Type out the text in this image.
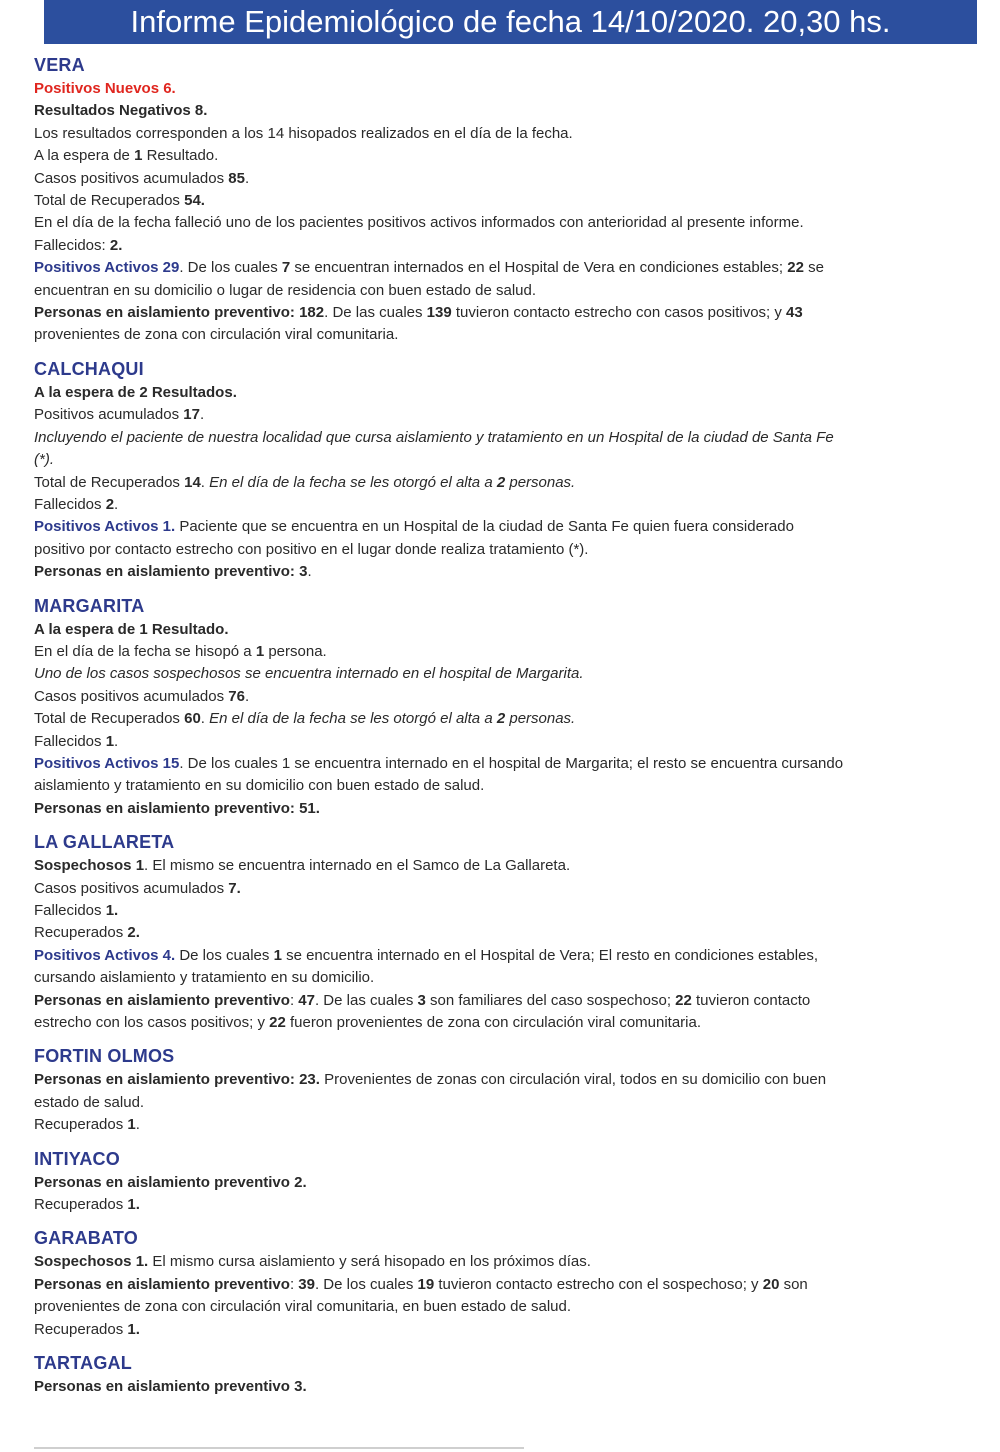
Informe Epidemiológico de fecha 14/10/2020. 20,30 hs.
VERA
Positivos Nuevos 6.
Resultados Negativos 8.
Los resultados corresponden a los 14 hisopados realizados en el día de la fecha.
A la espera de 1 Resultado.
Casos positivos acumulados 85.
Total de Recuperados 54.
En el día de la fecha falleció uno de los pacientes positivos activos informados con anterioridad al presente informe.
Fallecidos: 2.
Positivos Activos 29. De los cuales 7 se encuentran internados en el Hospital de Vera en condiciones estables; 22 se encuentran en su domicilio o lugar de residencia con buen estado de salud.
Personas en aislamiento preventivo: 182. De las cuales 139 tuvieron contacto estrecho con casos positivos; y 43 provenientes de zona con circulación viral comunitaria.
CALCHAQUI
A la espera de 2 Resultados.
Positivos acumulados 17.
Incluyendo el paciente de nuestra localidad que cursa aislamiento y tratamiento en un Hospital de la ciudad de Santa Fe (*).
Total de Recuperados 14. En el día de la fecha se les otorgó el alta a 2 personas.
Fallecidos 2.
Positivos Activos 1. Paciente que se encuentra en un Hospital de la ciudad de Santa Fe quien fuera considerado positivo por contacto estrecho con positivo en el lugar donde realiza tratamiento (*).
Personas en aislamiento preventivo: 3.
MARGARITA
A la espera de 1 Resultado.
En el día de la fecha se hisopó a 1 persona.
Uno de los casos sospechosos se encuentra internado en el hospital de Margarita.
Casos positivos acumulados 76.
Total de Recuperados 60. En el día de la fecha se les otorgó el alta a 2 personas.
Fallecidos 1.
Positivos Activos 15. De los cuales 1 se encuentra internado en el hospital de Margarita; el resto se encuentra cursando aislamiento y tratamiento en su domicilio con buen estado de salud.
Personas en aislamiento preventivo: 51.
LA GALLARETA
Sospechosos 1. El mismo se encuentra internado en el Samco de La Gallareta.
Casos positivos acumulados 7.
Fallecidos 1.
Recuperados 2.
Positivos Activos 4. De los cuales 1 se encuentra internado en el Hospital de Vera; El resto en condiciones estables, cursando aislamiento y tratamiento en su domicilio.
Personas en aislamiento preventivo: 47. De las cuales 3 son familiares del caso sospechoso; 22 tuvieron contacto estrecho con los casos positivos; y 22 fueron provenientes de zona con circulación viral comunitaria.
FORTIN OLMOS
Personas en aislamiento preventivo: 23. Provenientes de zonas con circulación viral, todos en su domicilio con buen estado de salud.
Recuperados 1.
INTIYACO
Personas en aislamiento preventivo 2.
Recuperados 1.
GARABATO
Sospechosos 1. El mismo cursa aislamiento y será hisopado en los próximos días.
Personas en aislamiento preventivo: 39. De los cuales 19 tuvieron contacto estrecho con el sospechoso; y 20 son provenientes de zona con circulación viral comunitaria, en buen estado de salud.
Recuperados 1.
TARTAGAL
Personas en aislamiento preventivo 3.
